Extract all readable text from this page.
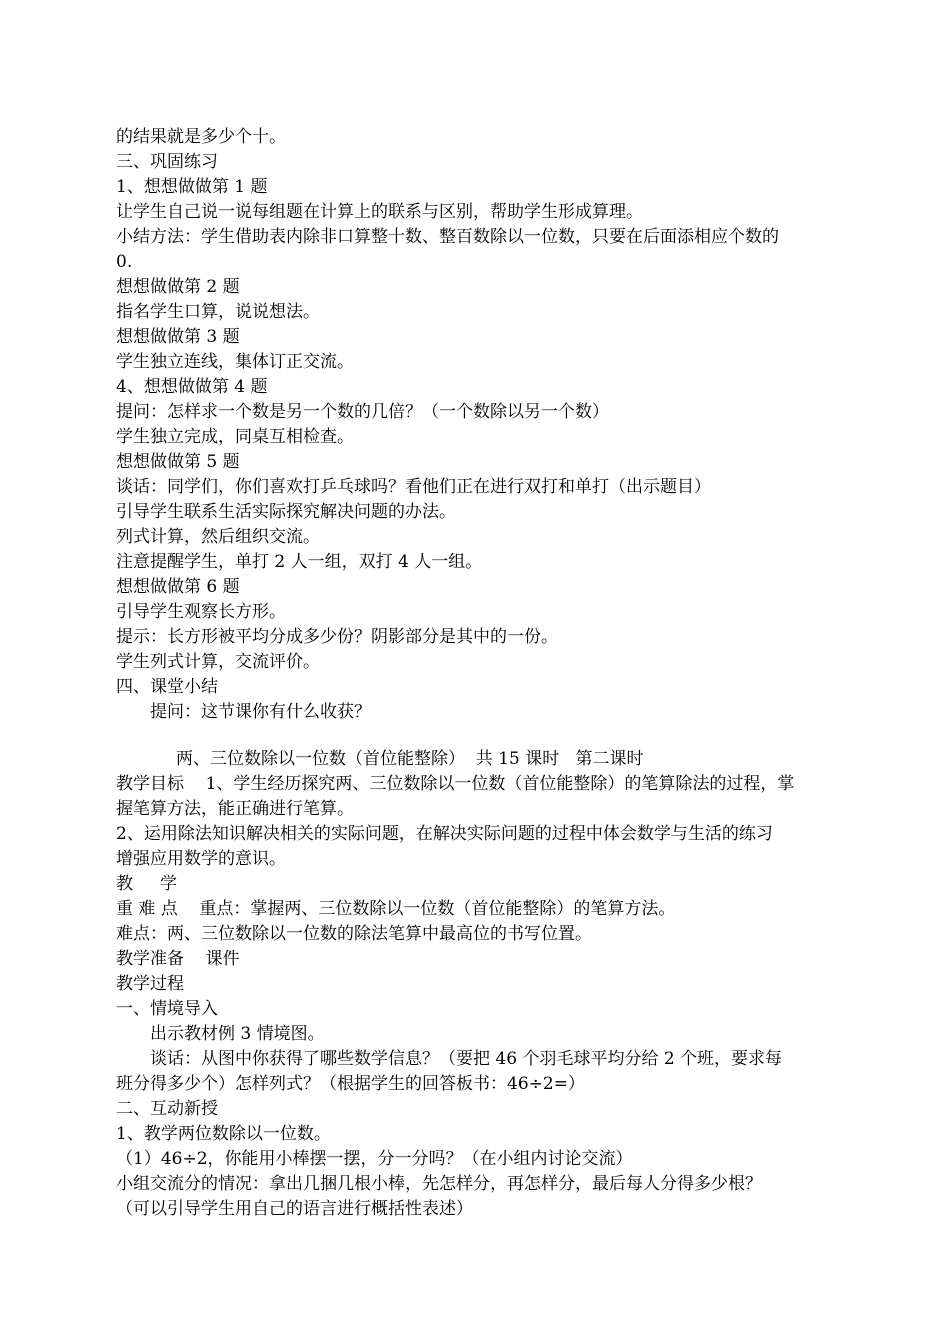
的结果就是多少个十。

三、巩固练习

1、想想做做第 1 题

让学生自己说一说每组题在计算上的联系与区别，帮助学生形成算理。

小结方法：学生借助表内除非口算整十数、整百数除以一位数，只要在后面添相应个数的

0.

想想做做第 2 题

指名学生口算，说说想法。

想想做做第 3 题

学生独立连线，集体订正交流。

4、想想做做第 4 题

提问：怎样求一个数是另一个数的几倍？（一个数除以另一个数）

学生独立完成，同桌互相检查。

想想做做第 5 题

谈话：同学们，你们喜欢打乒乓球吗？看他们正在进行双打和单打（出示题目）

引导学生联系生活实际探究解决问题的办法。

列式计算，然后组织交流。

注意提醒学生，单打 2 人一组，双打 4 人一组。

想想做做第 6 题

引导学生观察长方形。

提示：长方形被平均分成多少份？阴影部分是其中的一份。

学生列式计算，交流评价。

四、课堂小结

提问：这节课你有什么收获？

两、三位数除以一位数（首位能整除）  共 15 课时   第二课时

教学目标    1、学生经历探究两、三位数除以一位数（首位能整除）的笔算除法的过程，掌

握笔算方法，能正确进行笔算。

2、运用除法知识解决相关的实际问题，在解决实际问题的过程中体会数学与生活的练习

增强应用数学的意识。

教     学

重 难 点    重点：掌握两、三位数除以一位数（首位能整除）的笔算方法。

难点：两、三位数除以一位数的除法笔算中最高位的书写位置。

教学准备    课件

教学过程

一、情境导入

出示教材例 3 情境图。

谈话：从图中你获得了哪些数学信息？（要把 46 个羽毛球平均分给 2 个班，要求每

班分得多少个）怎样列式？（根据学生的回答板书：46÷2=）

二、互动新授

1、教学两位数除以一位数。

（1）46÷2，你能用小棒摆一摆，分一分吗？（在小组内讨论交流）

小组交流分的情况：拿出几捆几根小棒，先怎样分，再怎样分，最后每人分得多少根？

（可以引导学生用自己的语言进行概括性表述）
